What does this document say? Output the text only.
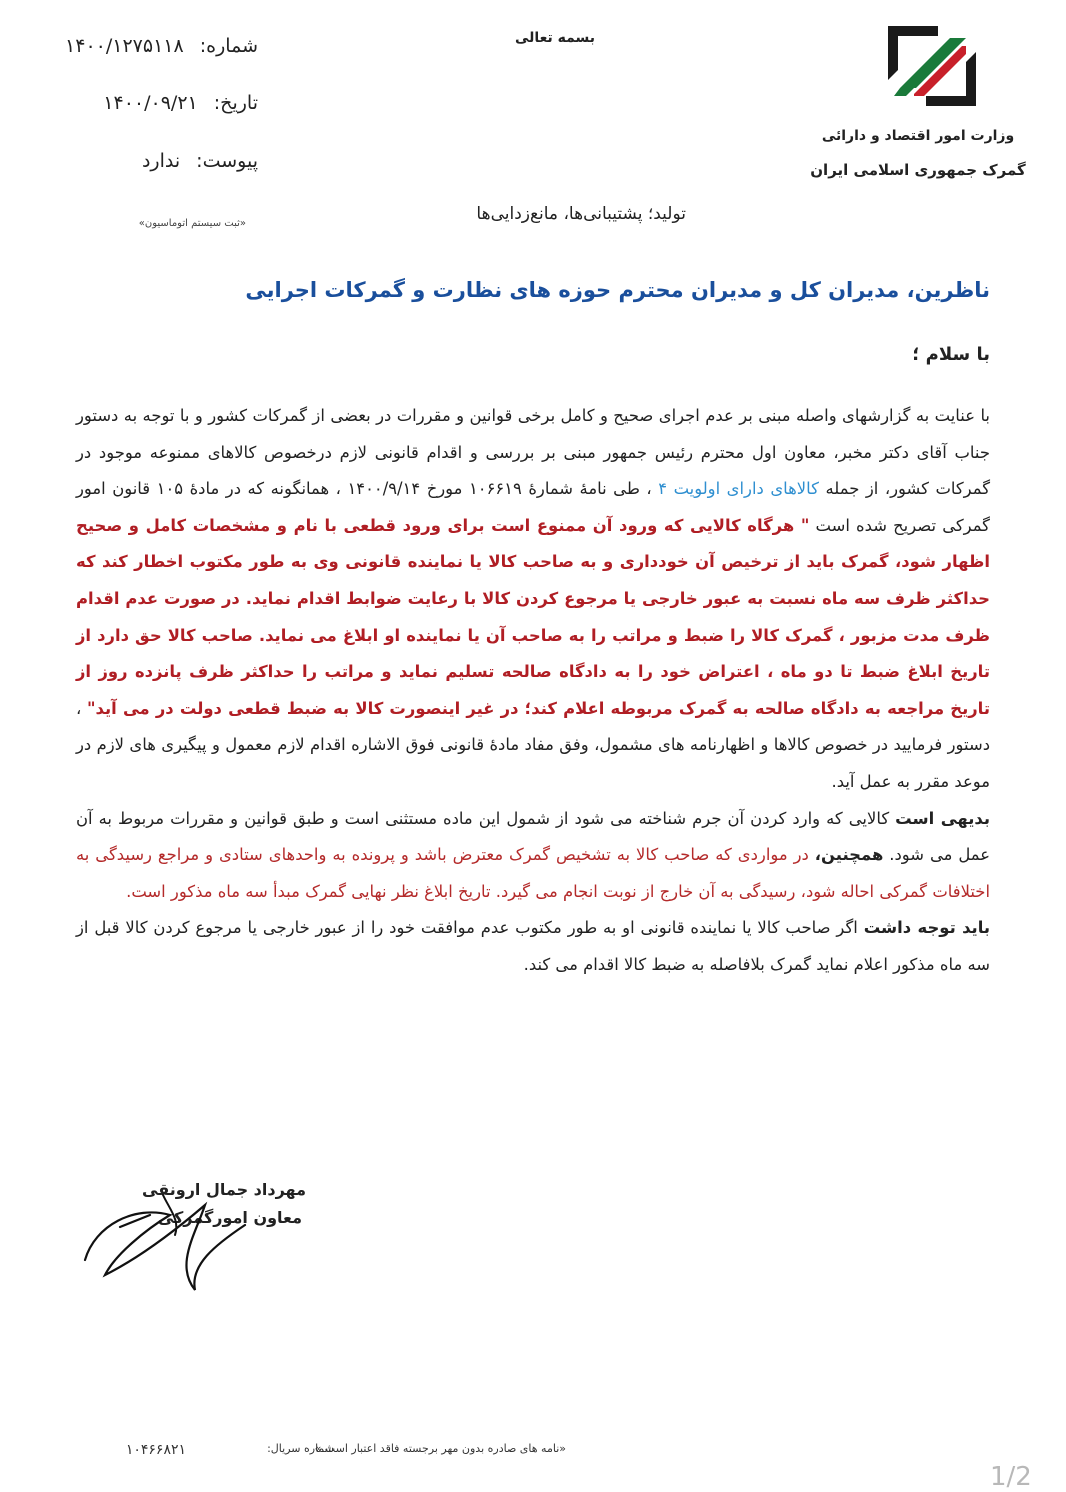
وزارت امور اقتصاد و دارائی
گمرک جمهوری اسلامی ایران
بسمه تعالی
شماره: ۱۴۰۰/۱۲۷۵۱۱۸
تاریخ: ۱۴۰۰/۰۹/۲۱
پیوست: ندارد
«ثبت سیستم اتوماسیون»	تولید؛ پشتیبانی‌ها، مانع‌زدایی‌ها
ناظرین، مدیران کل و مدیران محترم حوزه های نظارت و گمرکات اجرایی
با سلام ؛

با عنایت به گزارشهای واصله مبنی بر عدم اجرای صحیح و کامل برخی قوانین و مقررات در بعضی از گمرکات کشور و با توجه به دستور جناب آقای دکتر مخبر، معاون اول محترم رئیس جمهور مبنی بر بررسی و اقدام قانونی لازم درخصوص کالاهای ممنوعه موجود در گمرکات کشور، از جمله کالاهای دارای اولویت ۴ ، طی نامهٔ شمارهٔ ۱۰۶۶۱۹ مورخ ۱۴۰۰/۹/۱۴ ، همانگونه که در مادهٔ ۱۰۵ قانون امور گمرکی تصریح شده است " هرگاه کالایی که ورود آن ممنوع است برای ورود قطعی با نام و مشخصات کامل و صحیح اظهار شود، گمرک باید از ترخیص آن خودداری و به صاحب کالا یا نماینده قانونی وی به طور مکتوب اخطار کند که حداکثر ظرف سه ماه نسبت به عبور خارجی یا مرجوع کردن کالا با رعایت ضوابط اقدام نماید. در صورت عدم اقدام ظرف مدت مزبور ، گمرک کالا را ضبط و مراتب را به صاحب آن یا نماینده او ابلاغ می نماید. صاحب کالا حق دارد از تاریخ ابلاغ ضبط تا دو ماه ، اعتراض خود را به دادگاه صالحه تسلیم نماید و مراتب را حداکثر ظرف پانزده روز از تاریخ مراجعه به دادگاه صالحه به گمرک مربوطه اعلام کند؛ در غیر اینصورت کالا به ضبط قطعی دولت در می آید" ، دستور فرمایید در خصوص کالاها و اظهارنامه های مشمول، وفق مفاد مادهٔ قانونی فوق الاشاره اقدام لازم معمول و پیگیری های لازم در موعد مقرر به عمل آید.

بدیهی است کالایی که وارد کردن آن جرم شناخته می شود از شمول این ماده مستثنی است و طبق قوانین و مقررات مربوط به آن عمل می شود. همچنین، در مواردی که صاحب کالا به تشخیص گمرک معترض باشد و پرونده به واحدهای ستادی و مراجع رسیدگی به اختلافات گمرکی احاله شود، رسیدگی به آن خارج از نوبت انجام می گیرد. تاریخ ابلاغ نظر نهایی گمرک مبدأ سه ماه مذکور است.

باید توجه داشت اگر صاحب کالا یا نماینده قانونی او به طور مکتوب عدم موافقت خود را از عبور خارجی یا مرجوع کردن کالا قبل از سه ماه مذکور اعلام نماید گمرک بلافاصله به ضبط کالا اقدام می کند.

مهرداد جمال ارونقی
معاون امورگمرکی
«نامه های صادره بدون مهر برجسته فاقد اعتبار است.»
شماره سریال:
۱۰۴۶۶۸۲۱
1/2
